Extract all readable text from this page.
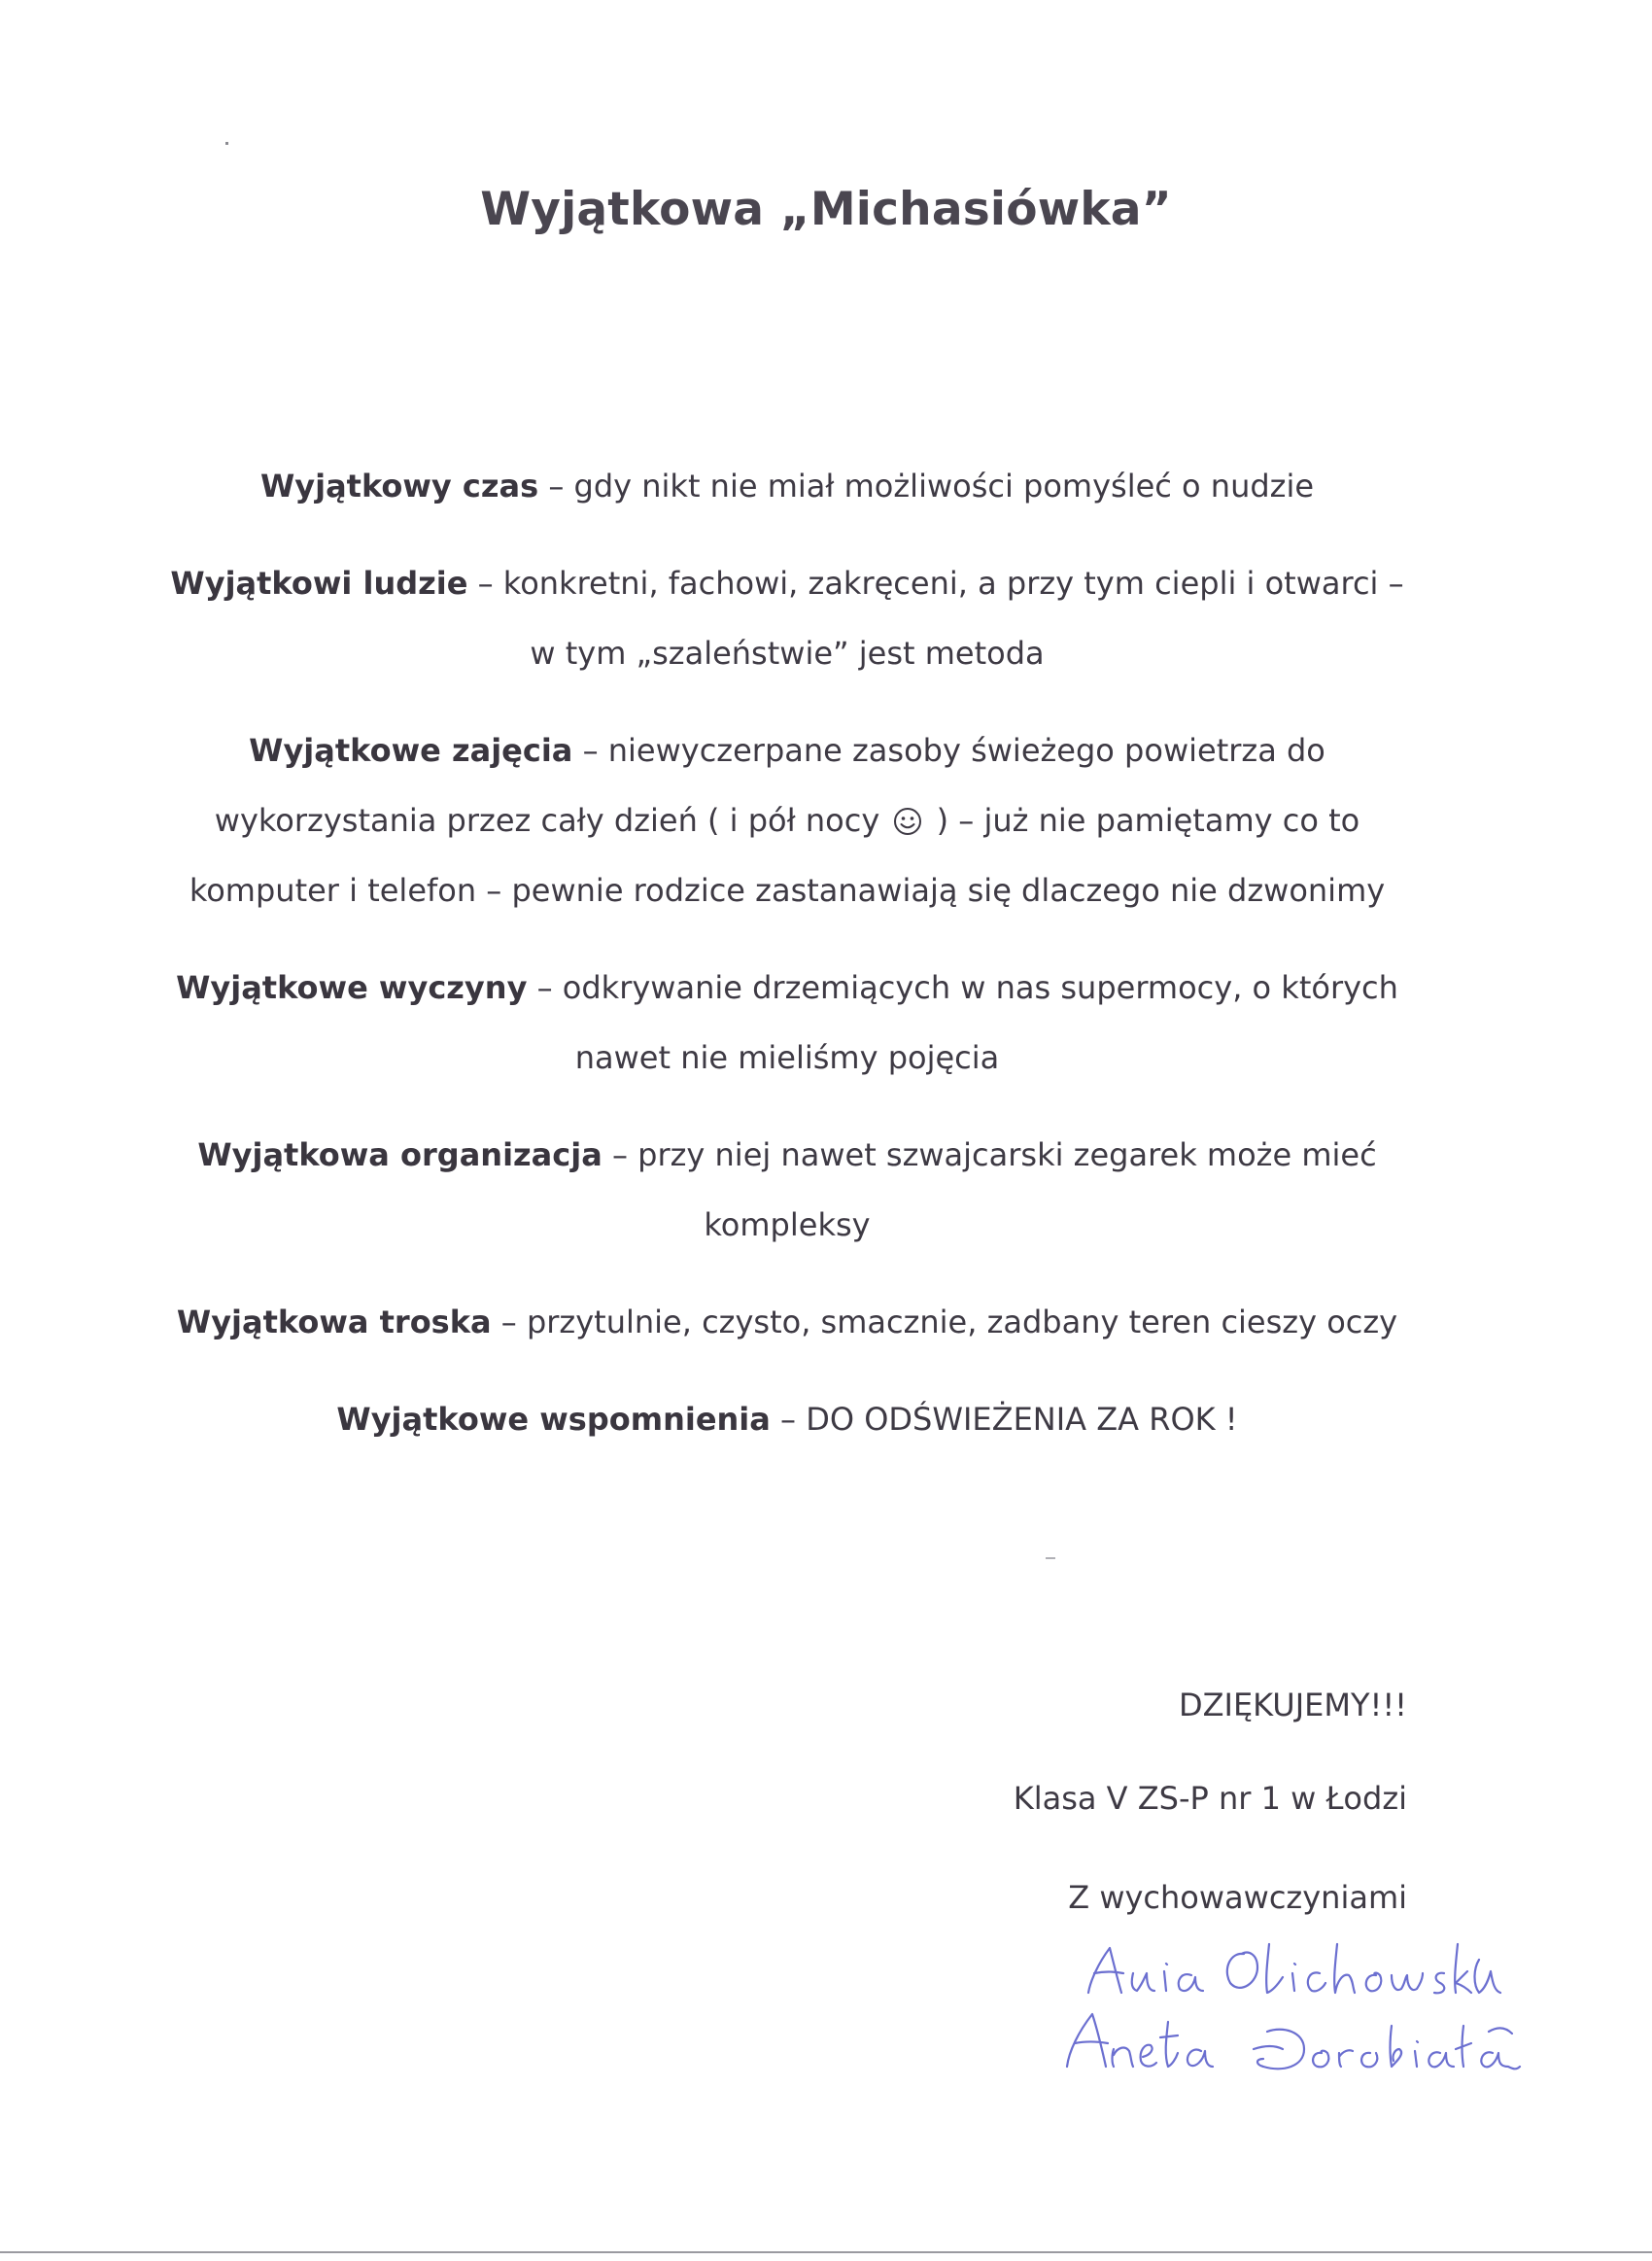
Wyjątkowa „Michasiówka”
Wyjątkowy czas – gdy nikt nie miał możliwości pomyśleć o nudzie
Wyjątkowi ludzie – konkretni, fachowi, zakręceni, a przy tym ciepli i otwarci –
w tym „szaleństwie” jest metoda
Wyjątkowe zajęcia – niewyczerpane zasoby świeżego powietrza do
wykorzystania przez cały dzień ( i pół nocy  ) – już nie pamiętamy co to
komputer i telefon – pewnie rodzice zastanawiają się dlaczego nie dzwonimy
Wyjątkowe wyczyny – odkrywanie drzemiących w nas supermocy, o których
nawet nie mieliśmy pojęcia
Wyjątkowa organizacja – przy niej nawet szwajcarski zegarek może mieć
kompleksy
Wyjątkowa troska – przytulnie, czysto, smacznie, zadbany teren cieszy oczy
Wyjątkowe wspomnienia – DO ODŚWIEŻENIA ZA ROK !
DZIĘKUJEMY!!!
Klasa V ZS-P nr 1 w Łodzi
Z wychowawczyniami
